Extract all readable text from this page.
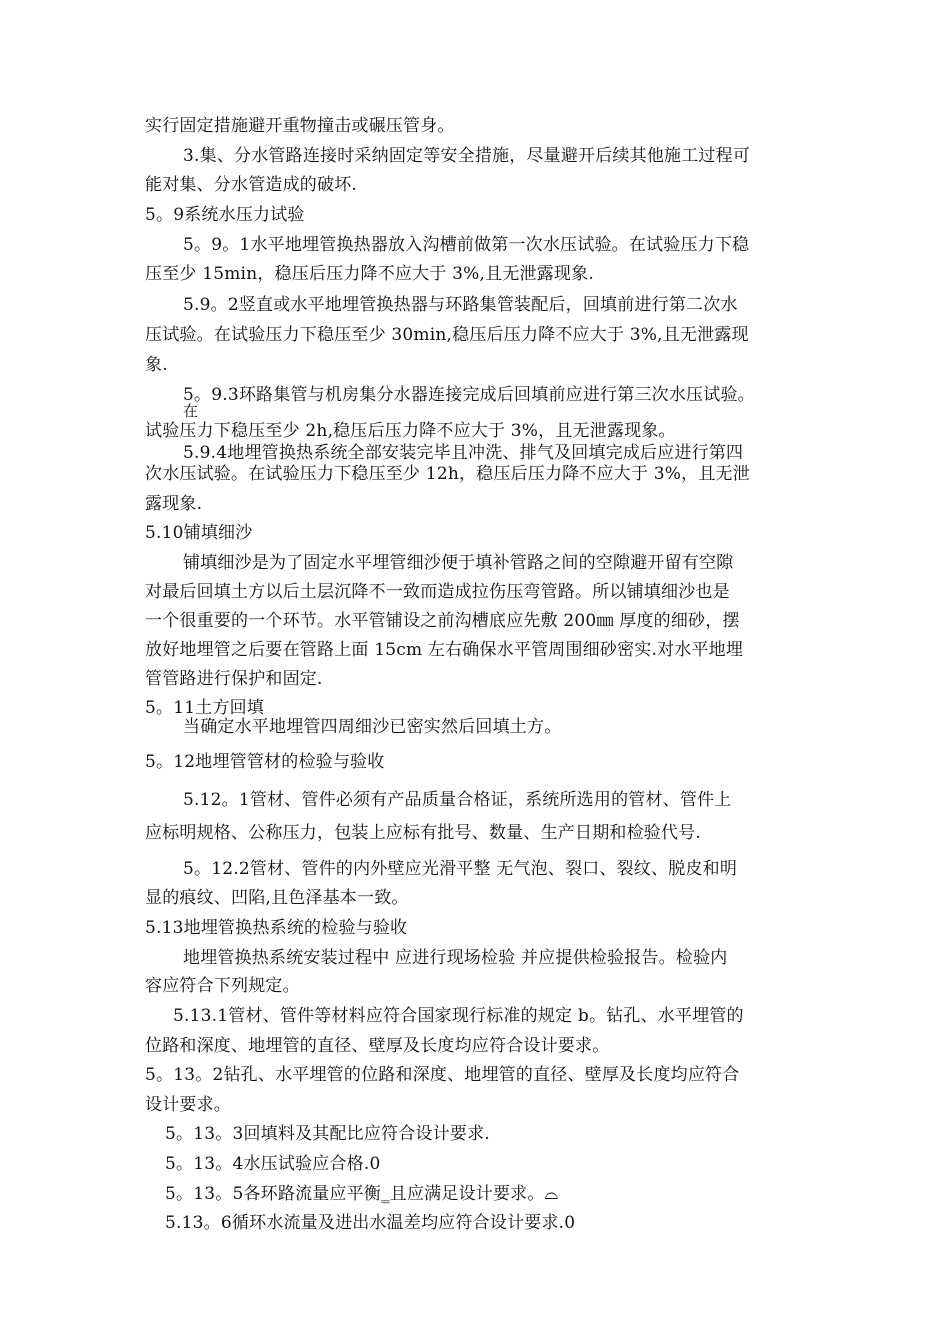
实行固定措施避开重物撞击或碾压管身。
3.集、分水管路连接时采纳固定等安全措施，尽量避开后续其他施工过程可
能对集、分水管造成的破坏.
5。9系统水压力试验
5。9。1水平地埋管换热器放入沟槽前做第一次水压试验。在试验压力下稳
压至少 15min，稳压后压力降不应大于 3%,且无泄露现象.
5.9。2竖直或水平地埋管换热器与环路集管装配后，回填前进行第二次水
压试验。在试验压力下稳压至少 30min,稳压后压力降不应大于 3%,且无泄露现
象.
5。9.3环路集管与机房集分水器连接完成后回填前应进行第三次水压试验。
在
试验压力下稳压至少 2h,稳压后压力降不应大于 3%，且无泄露现象。
5.9.4地埋管换热系统全部安装完毕且冲洗、排气及回填完成后应进行第四
次水压试验。在试验压力下稳压至少 12h，稳压后压力降不应大于 3%，且无泄
露现象.
5.10铺填细沙
铺填细沙是为了固定水平埋管细沙便于填补管路之间的空隙避开留有空隙
对最后回填土方以后土层沉降不一致而造成拉伤压弯管路。所以铺填细沙也是
一个很重要的一个环节。水平管铺设之前沟槽底应先敷 200㎜ 厚度的细砂，摆
放好地埋管之后要在管路上面 15cm 左右确保水平管周围细砂密实.对水平地埋
管管路进行保护和固定.
5。11土方回填
当确定水平地埋管四周细沙已密实然后回填土方。
5。12地埋管管材的检验与验收
5.12。1管材、管件必须有产品质量合格证，系统所选用的管材、管件上
应标明规格、公称压力，包装上应标有批号、数量、生产日期和检验代号.
5。12.2管材、管件的内外壁应光滑平整 无气泡、裂口、裂纹、脱皮和明
显的痕纹、凹陷,且色泽基本一致。
5.13地埋管换热系统的检验与验收
地埋管换热系统安装过程中 应进行现场检验 并应提供检验报告。检验内
容应符合下列规定。
5.13.1管材、管件等材料应符合国家现行标准的规定 b。钻孔、水平埋管的
位路和深度、地埋管的直径、壁厚及长度均应符合设计要求。
5。13。2钻孔、水平埋管的位路和深度、地埋管的直径、壁厚及长度均应符合
设计要求。
5。13。3回填料及其配比应符合设计要求.
5。13。4水压试验应合格.0
5。13。5各环路流量应平衡‗且应满足设计要求。⌓
5.13。6循环水流量及进出水温差均应符合设计要求.0
